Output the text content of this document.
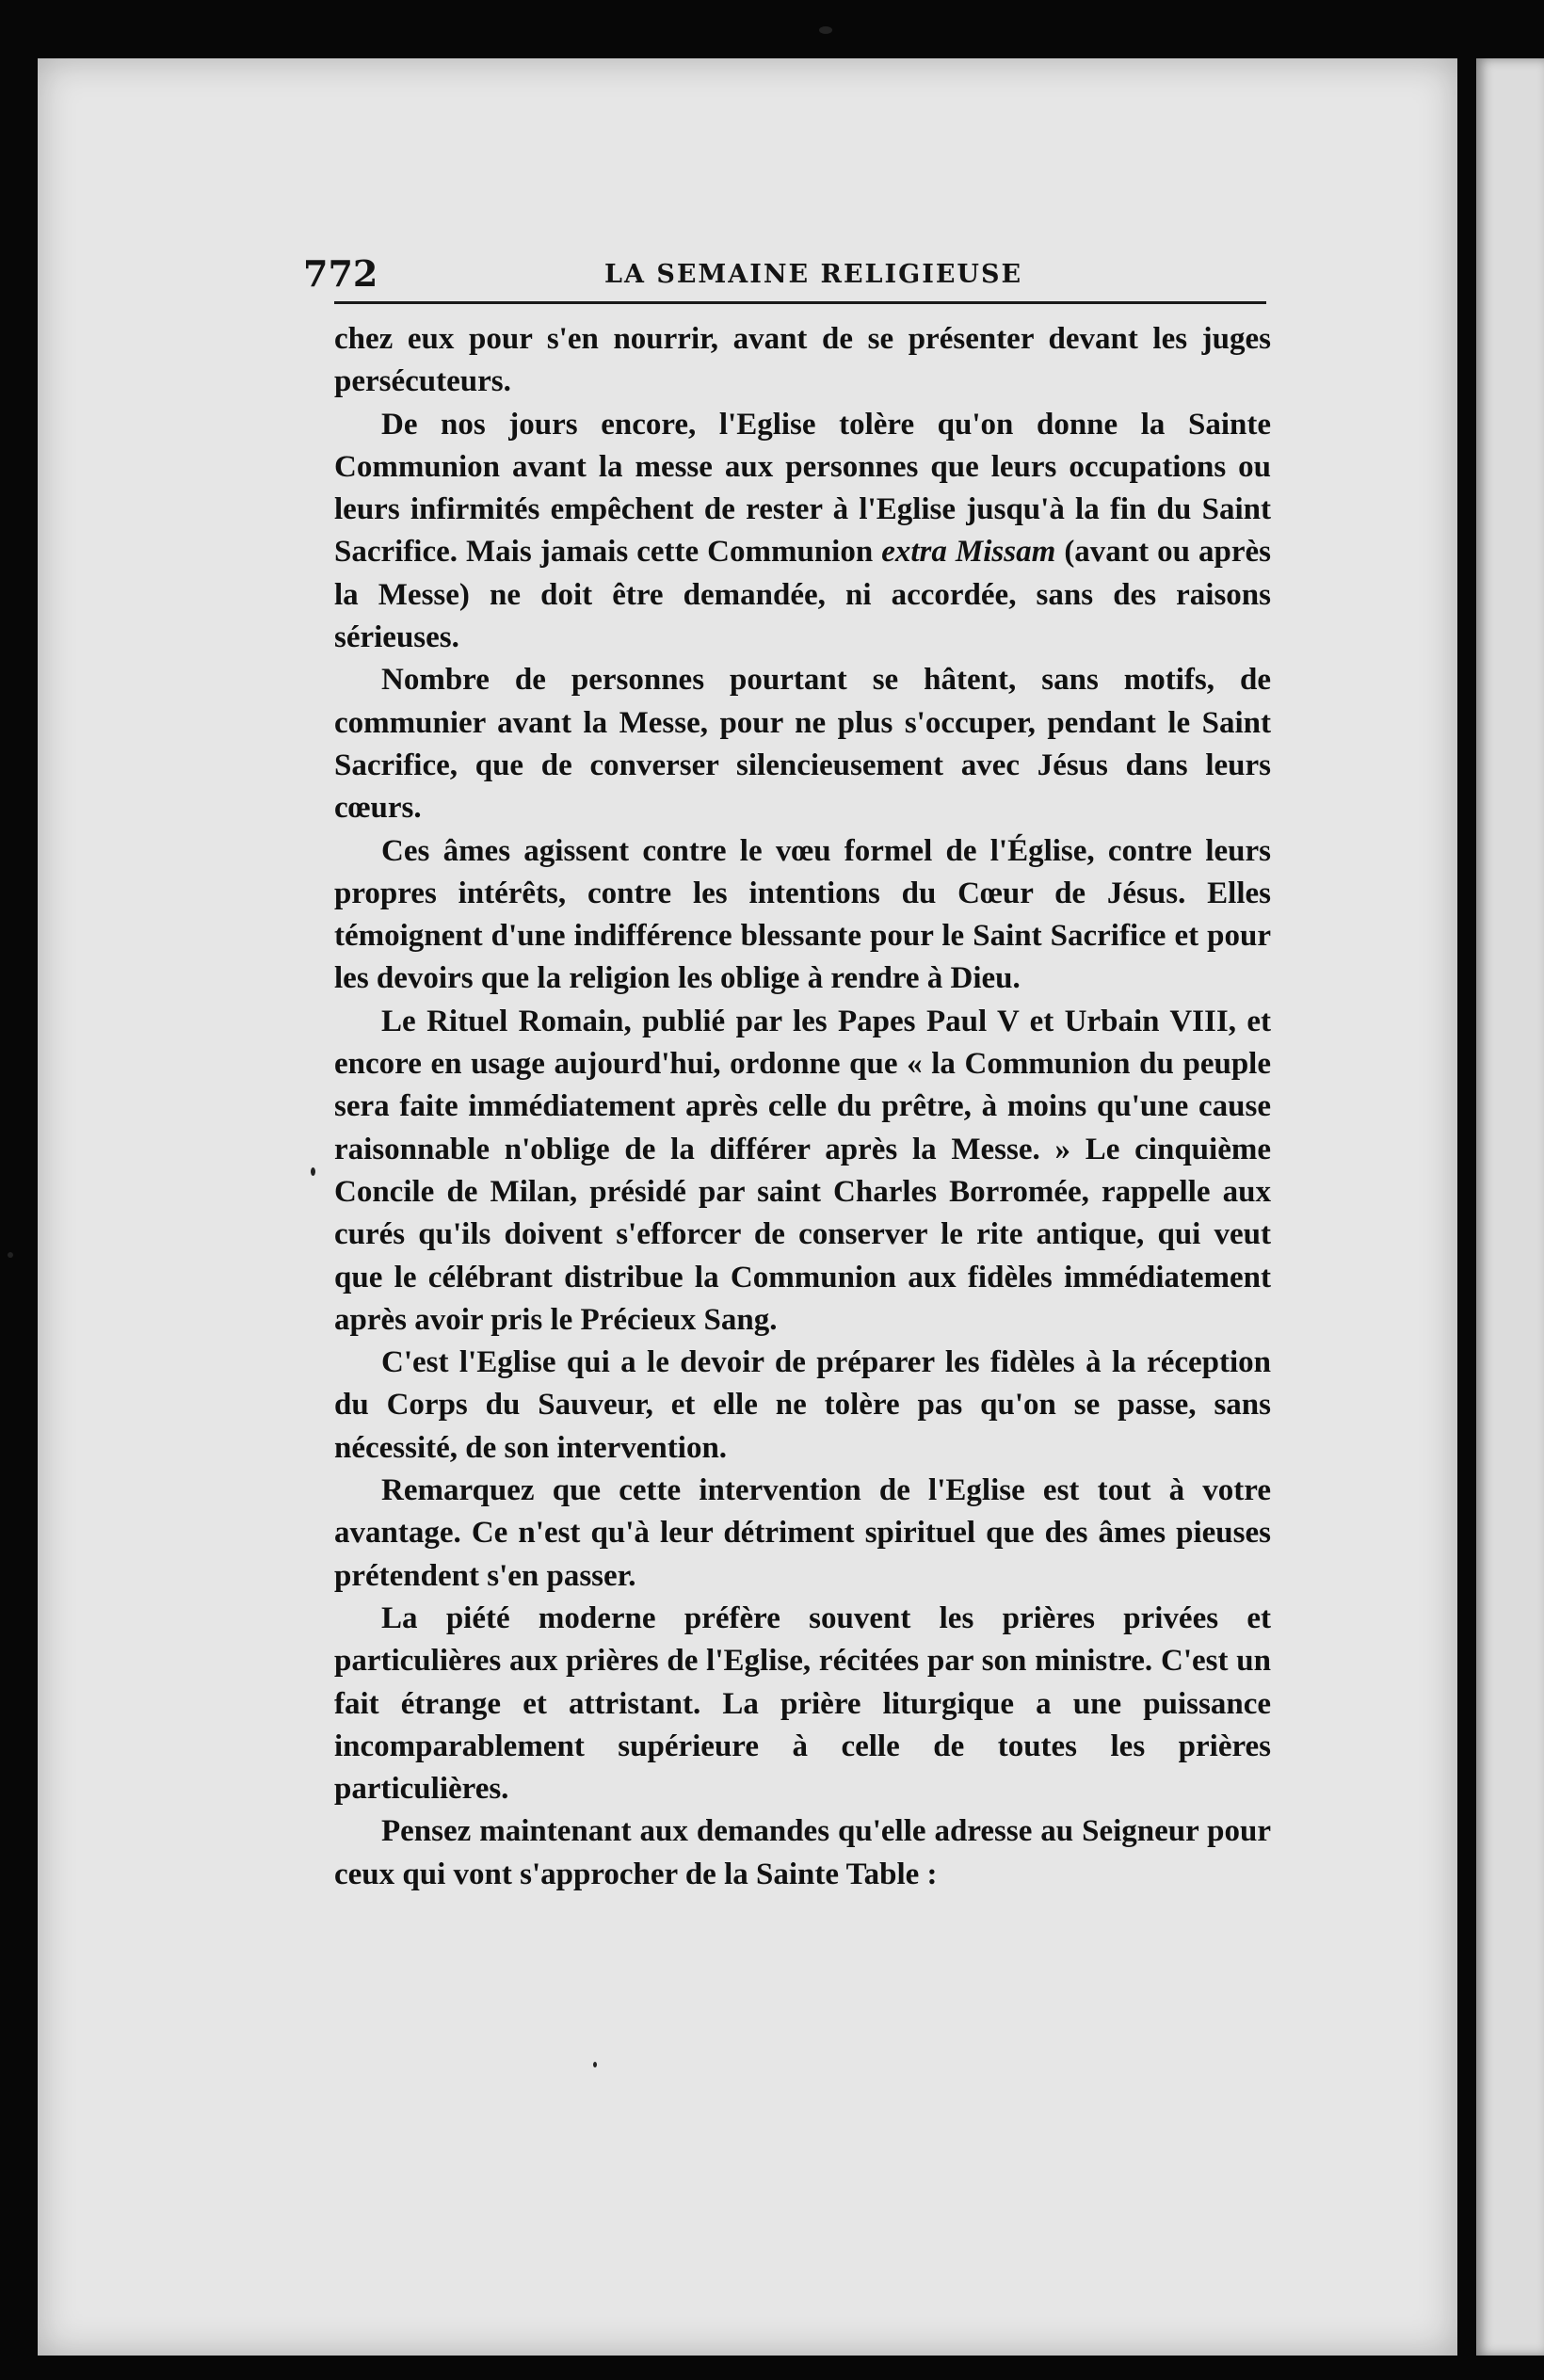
772	LA SEMAINE RELIGIEUSE

chez eux pour s'en nourrir, avant de se présenter devant les juges persécuteurs.

De nos jours encore, l'Eglise tolère qu'on donne la Sainte Communion avant la messe aux personnes que leurs occupations ou leurs infirmités empêchent de rester à l'Eglise jusqu'à la fin du Saint Sacrifice. Mais jamais cette Communion extra Missam (avant ou après la Messe) ne doit être demandée, ni accordée, sans des raisons sérieuses.

Nombre de personnes pourtant se hâtent, sans motifs, de communier avant la Messe, pour ne plus s'occuper, pendant le Saint Sacrifice, que de converser silencieusement avec Jésus dans leurs cœurs.

Ces âmes agissent contre le vœu formel de l'Église, contre leurs propres intérêts, contre les intentions du Cœur de Jésus. Elles témoignent d'une indifférence blessante pour le Saint Sacrifice et pour les devoirs que la religion les oblige à rendre à Dieu.

Le Rituel Romain, publié par les Papes Paul V et Urbain VIII, et encore en usage aujourd'hui, ordonne que « la Communion du peuple sera faite immédiatement après celle du prêtre, à moins qu'une cause raisonnable n'oblige de la différer après la Messe. » Le cinquième Concile de Milan, présidé par saint Charles Borromée, rappelle aux curés qu'ils doivent s'efforcer de conserver le rite antique, qui veut que le célébrant distribue la Communion aux fidèles immédiatement après avoir pris le Précieux Sang.

C'est l'Eglise qui a le devoir de préparer les fidèles à la réception du Corps du Sauveur, et elle ne tolère pas qu'on se passe, sans nécessité, de son intervention.

Remarquez que cette intervention de l'Eglise est tout à votre avantage. Ce n'est qu'à leur détriment spirituel que des âmes pieuses prétendent s'en passer.

La piété moderne préfère souvent les prières privées et particulières aux prières de l'Eglise, récitées par son ministre. C'est un fait étrange et attristant. La prière liturgique a une puissance incomparablement supérieure à celle de toutes les prières particulières.

Pensez maintenant aux demandes qu'elle adresse au Seigneur pour ceux qui vont s'approcher de la Sainte Table :
